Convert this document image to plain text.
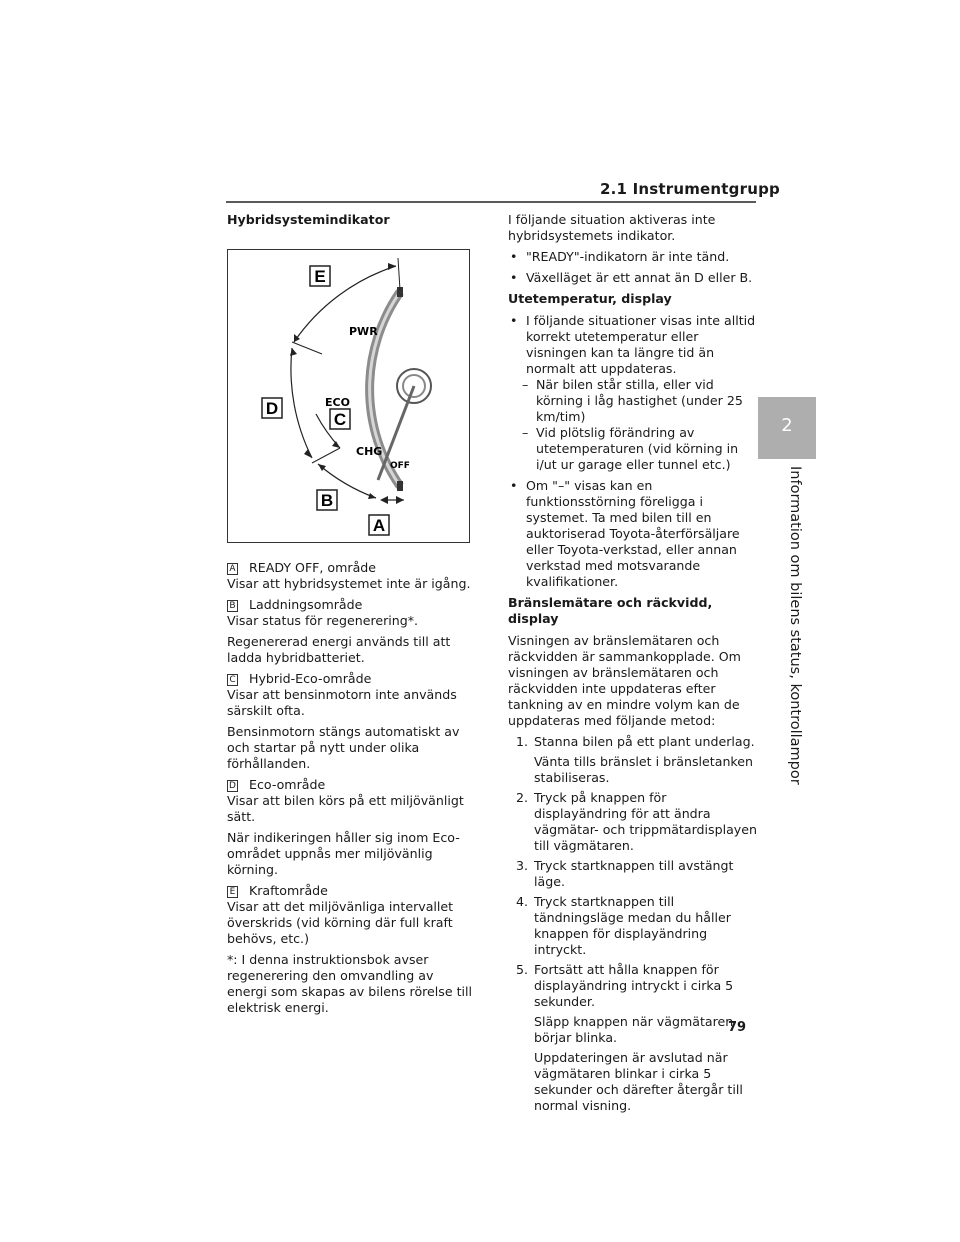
2.1 Instrumentgrupp
2
Information om bilens status, kontrollampor
Hybridsystemindikator
E
D
C
B
A
PWR
ECO
CHG
OFF
A READY OFF, område
Visar att hybridsystemet inte är igång.
B Laddningsområde
Visar status för regenerering*.
Regenererad energi används till att ladda hybridbatteriet.
C Hybrid-Eco-område
Visar att bensinmotorn inte används särskilt ofta.
Bensinmotorn stängs automatiskt av och startar på nytt under olika förhållanden.
D Eco-område
Visar att bilen körs på ett miljövänligt sätt.
När indikeringen håller sig inom Eco-området uppnås mer miljövänlig körning.
E Kraftområde
Visar att det miljövänliga intervallet överskrids (vid körning där full kraft behövs, etc.)
*: I denna instruktionsbok avser regenerering den omvandling av energi som skapas av bilens rörelse till elektrisk energi.
I följande situation aktiveras inte hybridsystemets indikator.
• "READY"-indikatorn är inte tänd.
• Växelläget är ett annat än D eller B.
Utetemperatur, display
• I följande situationer visas inte alltid korrekt utetemperatur eller visningen kan ta längre tid än normalt att uppdateras.
– När bilen står stilla, eller vid körning i låg hastighet (under 25 km/tim)
– Vid plötslig förändring av utetemperaturen (vid körning in i/ut ur garage eller tunnel etc.)
• Om "–" visas kan en funktionsstörning föreligga i systemet. Ta med bilen till en auktoriserad Toyota-återförsäljare eller Toyota-verkstad, eller annan verkstad med motsvarande kvalifikationer.
Bränslemätare och räckvidd, display
Visningen av bränslemätaren och räckvidden är sammankopplade. Om visningen av bränslemätaren och räckvidden inte uppdateras efter tankning av en mindre volym kan de uppdateras med följande metod:
1. Stanna bilen på ett plant underlag.
Vänta tills bränslet i bränsletanken stabiliseras.
2. Tryck på knappen för displayändring för att ändra vägmätar- och trippmätardisplayen till vägmätaren.
3. Tryck startknappen till avstängt läge.
4. Tryck startknappen till tändningsläge medan du håller knappen för displayändring intryckt.
5. Fortsätt att hålla knappen för displayändring intryckt i cirka 5 sekunder.
Släpp knappen när vägmätaren börjar blinka.
Uppdateringen är avslutad när vägmätaren blinkar i cirka 5 sekunder och därefter återgår till normal visning.
79
